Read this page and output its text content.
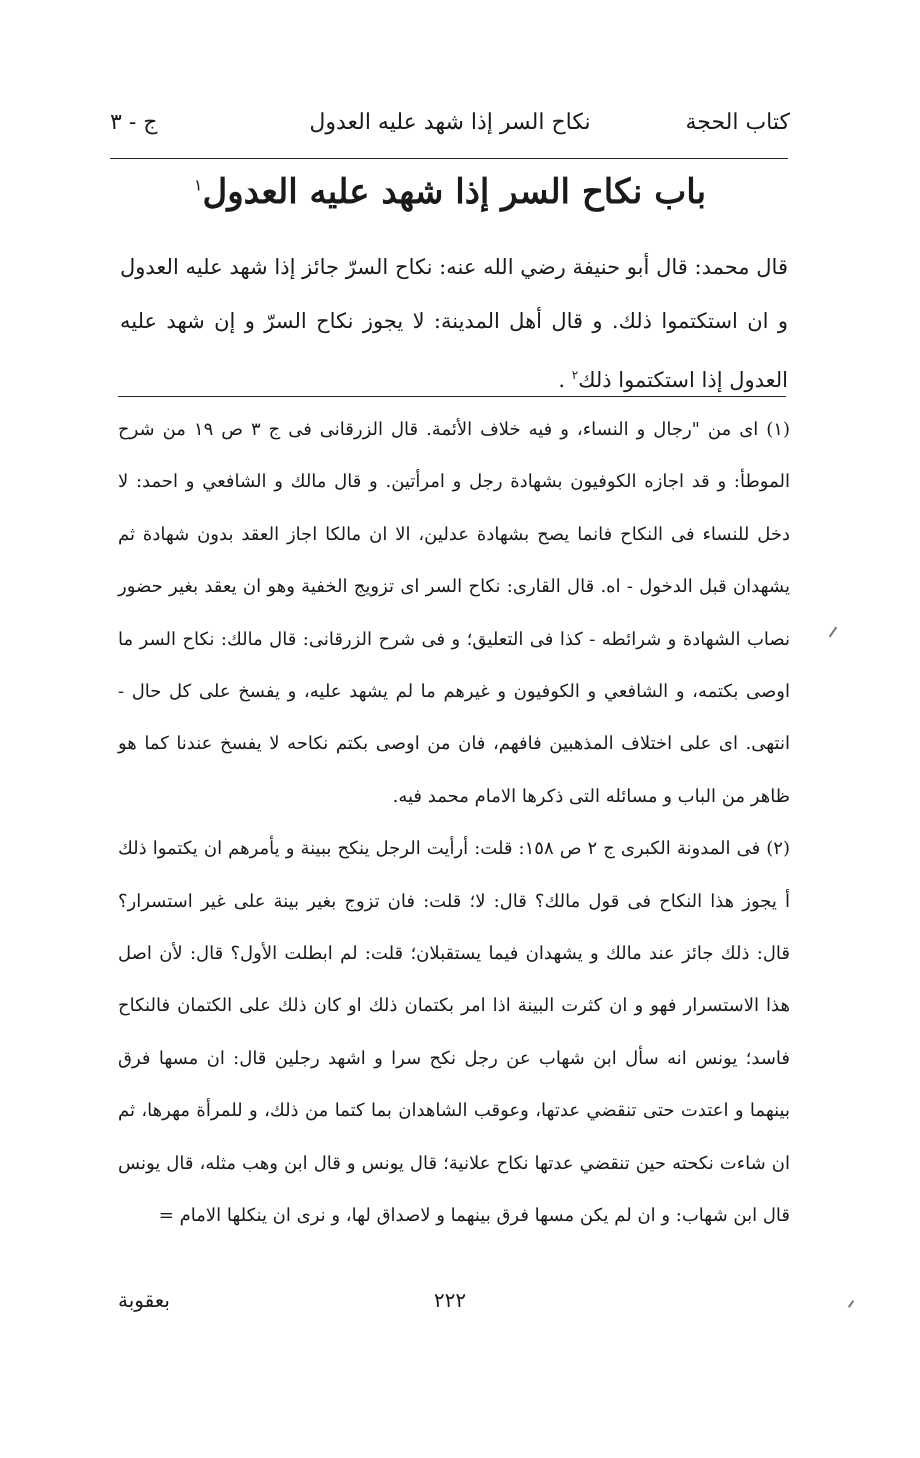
كتاب الحجة
نكاح السر إذا شهد عليه العدول
ج - ٣
باب نكاح السر إذا شهد عليه العدول$^١$
قال محمد: قال أبو حنيفة رضي الله عنه: نكاح السرّ جائز إذا شهد عليه العدول و ان استكتموا ذلك. و قال أهل المدينة: لا يجوز نكاح السرّ و إن شهد عليه العدول إذا استكتموا ذلك$^٢$ .

(١) اى من "رجال و النساء، و فيه خلاف الأئمة. قال الزرقانى فى ج ٣ ص ١٩ من شرح الموطأ: و قد اجازه الكوفيون بشهادة رجل و امرأتين. و قال مالك و الشافعي و احمد: لا دخل للنساء فى النكاح فانما يصح بشهادة عدلين، الا ان مالكا اجاز العقد بدون شهادة ثم يشهدان قبل الدخول - اه. قال القارى: نكاح السر اى تزويج الخفية وهو ان يعقد بغير حضور نصاب الشهادة و شرائطه - كذا فى التعليق؛ و فى شرح الزرقانى: قال مالك: نكاح السر ما اوصى بكتمه، و الشافعي و الكوفيون و غيرهم ما لم يشهد عليه، و يفسخ على كل حال - انتهى. اى على اختلاف المذهبين فافهم، فان من اوصى بكتم نكاحه لا يفسخ عندنا كما هو ظاهر من الباب و مسائله التى ذكرها الامام محمد فيه.

(٢) فى المدونة الكبرى ج ٢ ص ١٥٨: قلت: أرأيت الرجل ينكح ببينة و يأمرهم ان يكتموا ذلك أ يجوز هذا النكاح فى قول مالك؟ قال: لا؛ قلت: فان تزوج بغير بينة على غير استسرار؟ قال: ذلك جائز عند مالك و يشهدان فيما يستقبلان؛ قلت: لم ابطلت الأول؟ قال: لأن اصل هذا الاستسرار فهو و ان كثرت البينة اذا امر بكتمان ذلك او كان ذلك على الكتمان فالنكاح فاسد؛ يونس انه سأل ابن شهاب عن رجل نكح سرا و اشهد رجلين قال: ان مسها فرق بينهما و اعتدت حتى تنقضي عدتها، وعوقب الشاهدان بما كتما من ذلك، و للمرأة مهرها، ثم ان شاءت نكحته حين تنقضي عدتها نكاح علانية؛ قال يونس و قال ابن وهب مثله، قال يونس قال ابن شهاب: و ان لم يكن مسها فرق بينهما و لاصداق لها، و نرى ان ينكلها الامام =

٢٢٢
بعقوبة
